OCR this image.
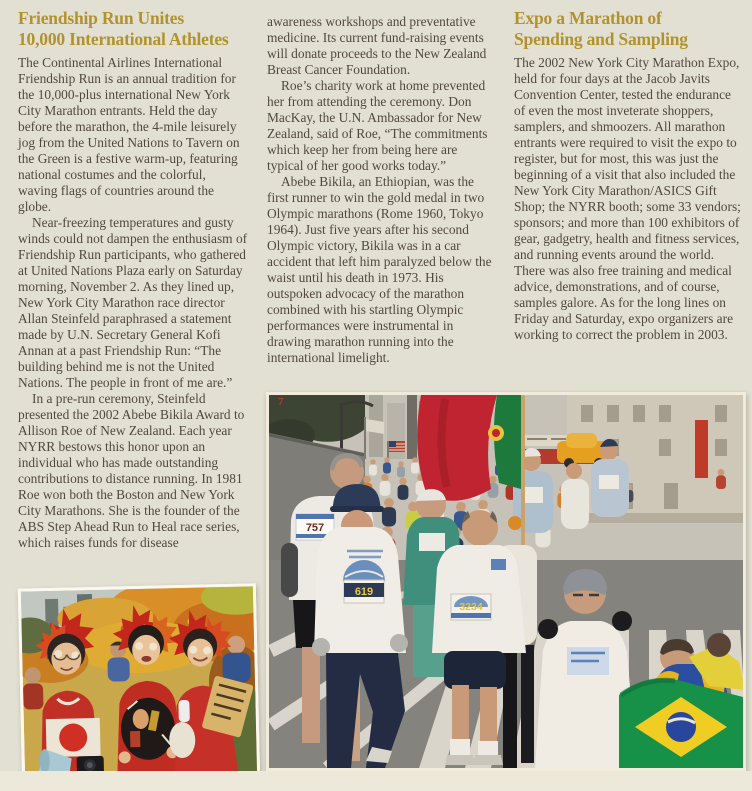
Friendship Run Unites
10,000 International Athletes

The Continental Airlines International Friendship Run is an annual tradition for the 10,000-plus international New York City Marathon entrants. Held the day before the marathon, the 4-mile leisurely jog from the United Nations to Tavern on the Green is a festive warm-up, featuring national costumes and the colorful, waving flags of countries around the globe.

Near-freezing temperatures and gusty winds could not dampen the enthusiasm of Friendship Run participants, who gathered at United Nations Plaza early on Saturday morning, November 2. As they lined up, New York City Marathon race director Allan Steinfeld paraphrased a statement made by U.N. Secretary General Kofi Annan at a past Friendship Run: “The building behind me is not the United Nations. The people in front of me are.”

In a pre-run ceremony, Steinfeld presented the 2002 Abebe Bikila Award to Allison Roe of New Zealand. Each year NYRR bestows this honor upon an individual who has made outstanding contributions to distance running. In 1981 Roe won both the Boston and New York City Marathons. She is the founder of the ABS Step Ahead Run to Heal race series, which raises funds for disease

awareness workshops and preventative medicine. Its current fund-raising events will donate proceeds to the New Zealand Breast Cancer Foundation.

Roe’s charity work at home prevented her from attending the ceremony. Don MacKay, the U.N. Ambassador for New Zealand, said of Roe, “The commitments which keep her from being here are typical of her good works today.”

Abebe Bikila, an Ethiopian, was the first runner to win the gold medal in two Olympic marathons (Rome 1960, Tokyo 1964). Just five years after his second Olympic victory, Bikila was in a car accident that left him paralyzed below the waist until his death in 1973. His outspoken advocacy of the marathon combined with his startling Olympic performances were instrumental in drawing marathon running into the international limelight.

Expo a Marathon of
Spending and Sampling

The 2002 New York City Marathon Expo, held for four days at the Jacob Javits Convention Center, tested the endurance of even the most inveterate shoppers, samplers, and shmoozers. All marathon entrants were required to visit the expo to register, but for most, this was just the beginning of a visit that also included the New York City Marathon/ASICS Gift Shop; the NYRR booth; some 33 vendors; sponsors; and more than 100 exhibitors of gear, gadgetry, health and fitness services, and running events around the world. There was also free training and medical advice, demonstrations, and of course, samples galore. As for the long lines on Friday and Saturday, expo organizers are working to correct the problem in 2003.

7
757
619
3234
